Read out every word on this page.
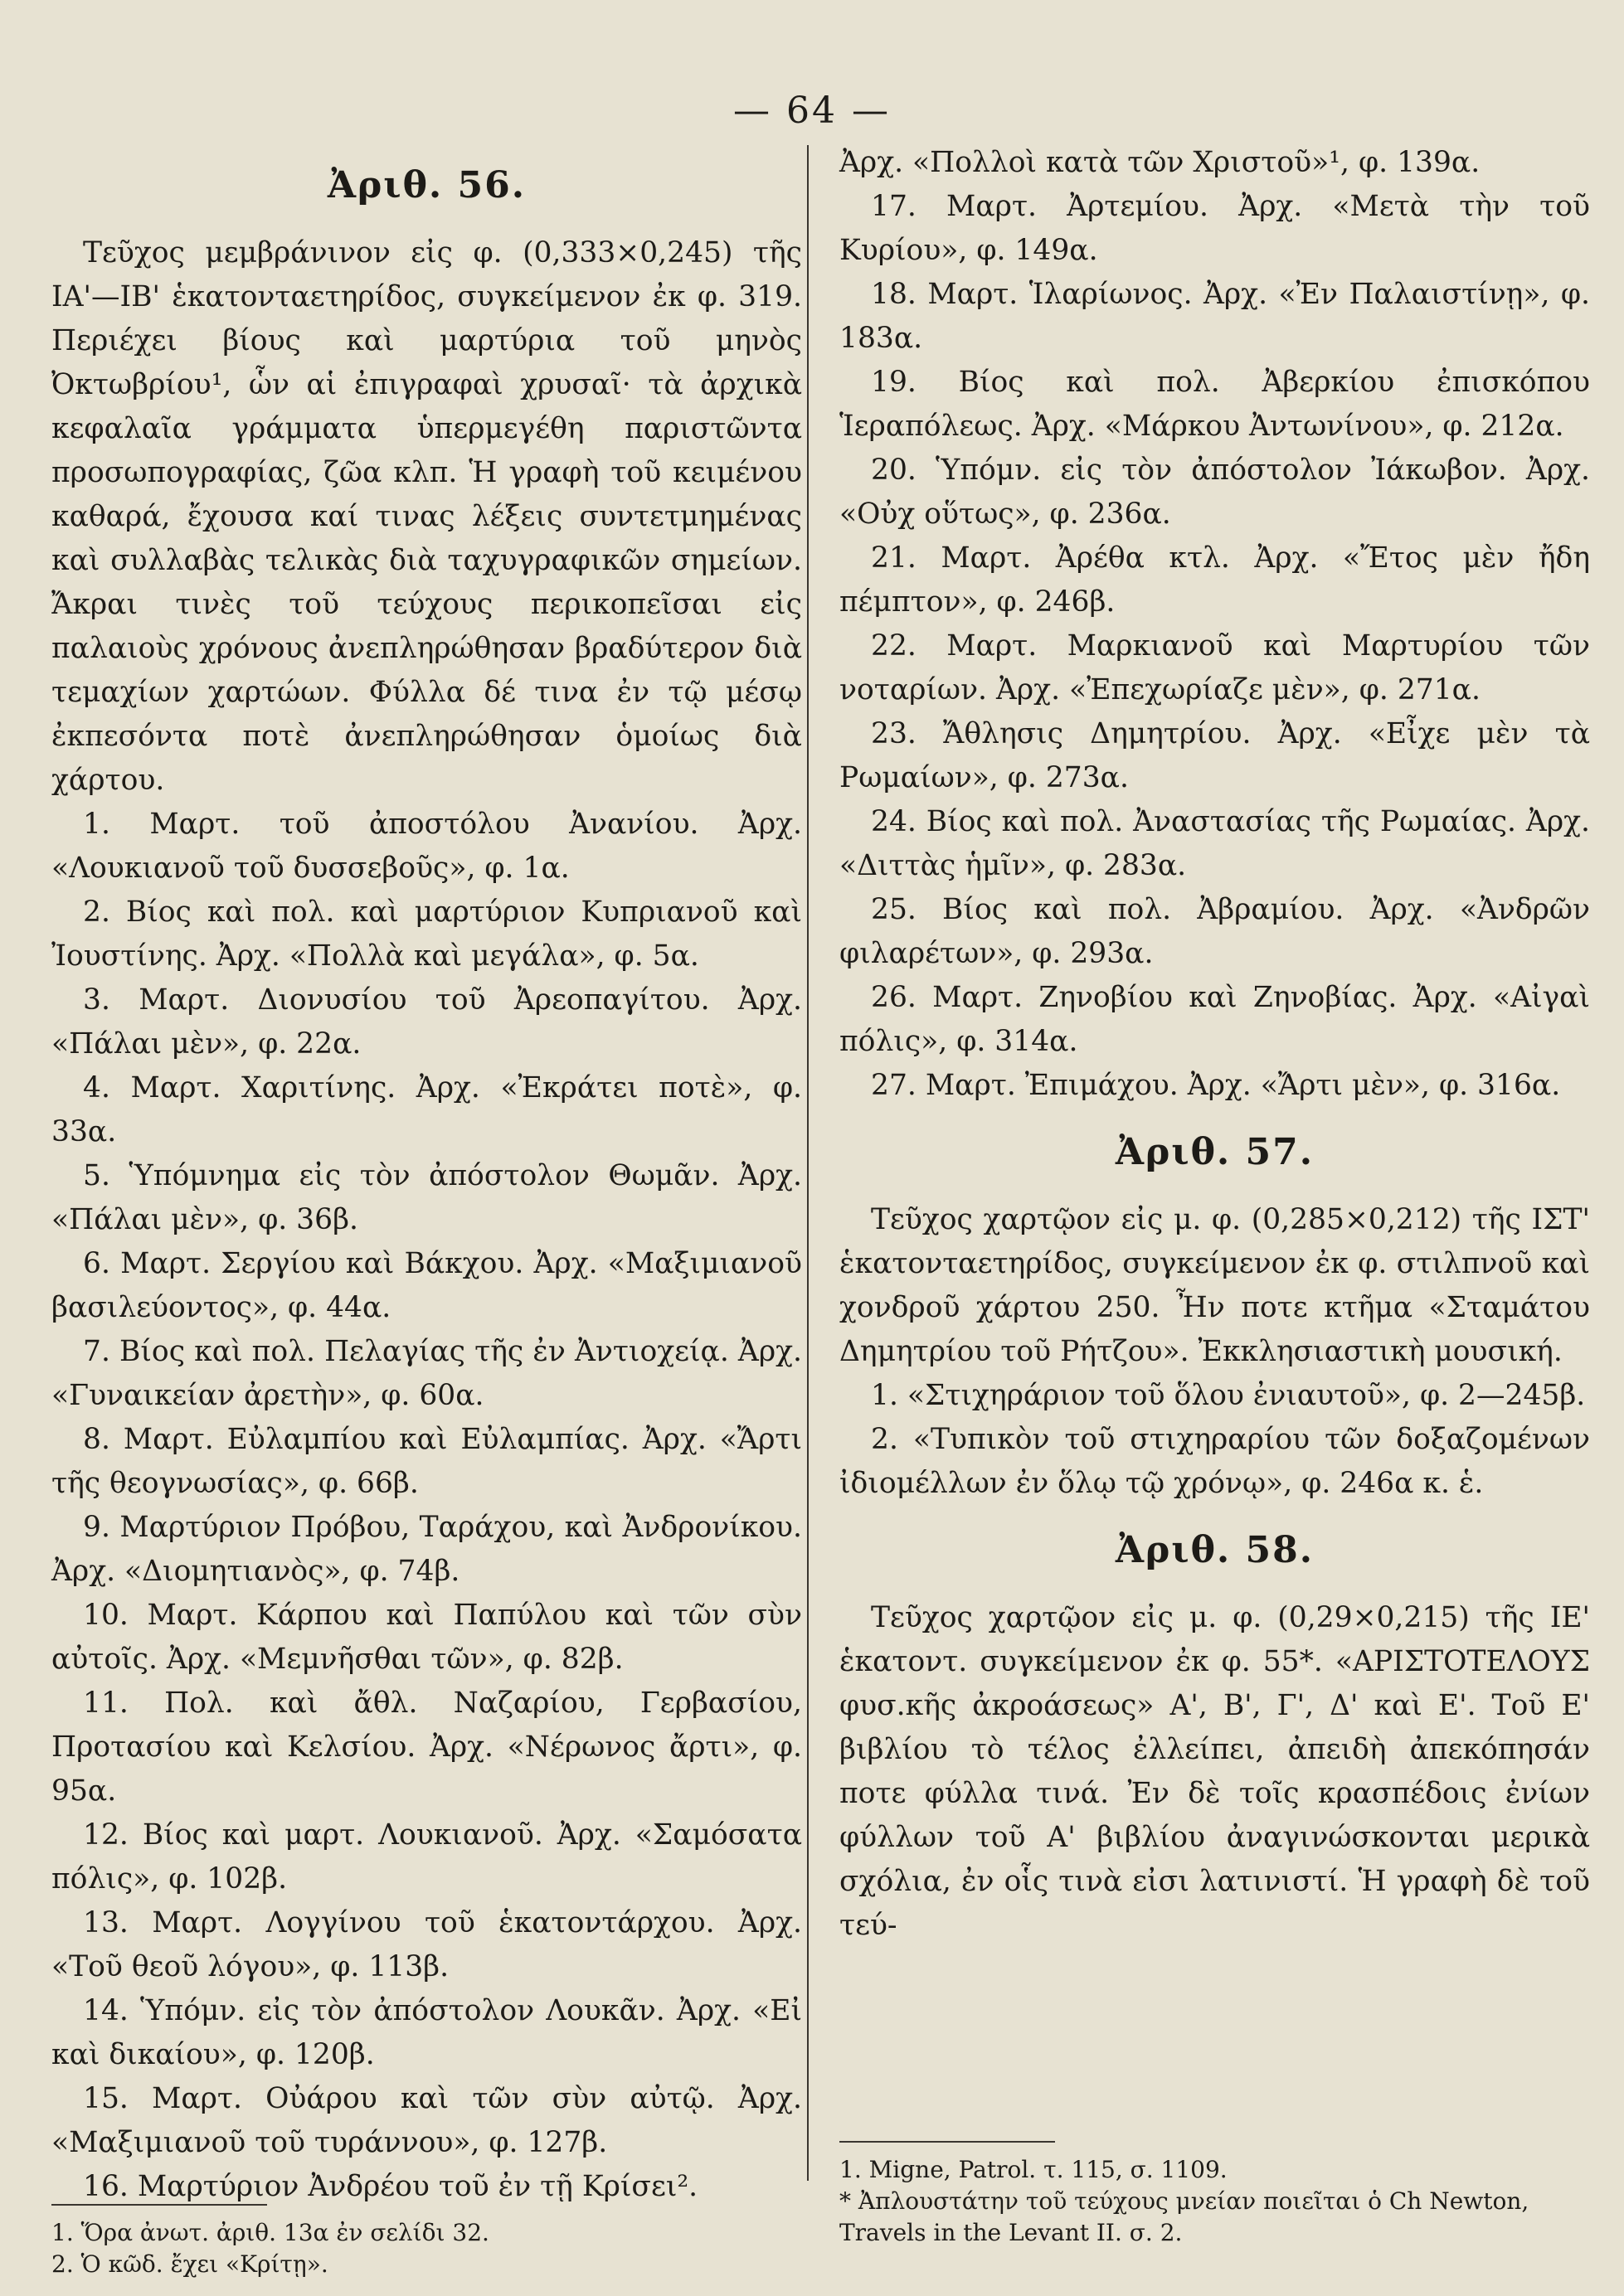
— 64 —
Ἀριθ. 56.

Τεῦχος μεμβράνινον εἰς φ. (0,333×0,245) τῆς ΙΑ'—ΙΒ' ἑκατονταετηρίδος, συγκείμενον ἐκ φ. 319. Περιέχει βίους καὶ μαρτύρια τοῦ μηνὸς Ὀκτωβρίου¹, ὧν αἱ ἐπιγραφαὶ χρυσαῖ· τὰ ἀρχικὰ κεφαλαῖα γράμματα ὑπερμεγέθη παριστῶντα προσωπογραφίας, ζῶα κλπ. Ἡ γραφὴ τοῦ κειμένου καθαρά, ἔχουσα καί τινας λέξεις συντετμημένας καὶ συλλαβὰς τελικὰς διὰ ταχυγραφικῶν σημείων. Ἄκραι τινὲς τοῦ τεύχους περικοπεῖσαι εἰς παλαιοὺς χρόνους ἀνεπληρώθησαν βραδύτερον διὰ τεμαχίων χαρτώων. Φύλλα δέ τινα ἐν τῷ μέσῳ ἐκπεσόντα ποτὲ ἀνεπληρώθησαν ὁμοίως διὰ χάρτου.

1. Μαρτ. τοῦ ἀποστόλου Ἀνανίου. Ἀρχ. «Λουκιανοῦ τοῦ δυσσεβοῦς», φ. 1α.

2. Βίος καὶ πολ. καὶ μαρτύριον Κυπριανοῦ καὶ Ἰουστίνης. Ἀρχ. «Πολλὰ καὶ μεγάλα», φ. 5α.

3. Μαρτ. Διονυσίου τοῦ Ἀρεοπαγίτου. Ἀρχ. «Πάλαι μὲν», φ. 22α.

4. Μαρτ. Χαριτίνης. Ἀρχ. «Ἐκράτει ποτὲ», φ. 33α.

5. Ὑπόμνημα εἰς τὸν ἀπόστολον Θωμᾶν. Ἀρχ. «Πάλαι μὲν», φ. 36β.

6. Μαρτ. Σεργίου καὶ Βάκχου. Ἀρχ. «Μαξιμιανοῦ βασιλεύοντος», φ. 44α.

7. Βίος καὶ πολ. Πελαγίας τῆς ἐν Ἀντιοχείᾳ. Ἀρχ. «Γυναικείαν ἀρετὴν», φ. 60α.

8. Μαρτ. Εὐλαμπίου καὶ Εὐλαμπίας. Ἀρχ. «Ἄρτι τῆς θεογνωσίας», φ. 66β.

9. Μαρτύριον Πρόβου, Ταράχου, καὶ Ἀνδρονίκου. Ἀρχ. «Διομητιανὸς», φ. 74β.

10. Μαρτ. Κάρπου καὶ Παπύλου καὶ τῶν σὺν αὐτοῖς. Ἀρχ. «Μεμνῆσθαι τῶν», φ. 82β.

11. Πολ. καὶ ἄθλ. Ναζαρίου, Γερβασίου, Προτασίου καὶ Κελσίου. Ἀρχ. «Νέρωνος ἄρτι», φ. 95α.

12. Βίος καὶ μαρτ. Λουκιανοῦ. Ἀρχ. «Σαμόσατα πόλις», φ. 102β.

13. Μαρτ. Λογγίνου τοῦ ἑκατοντάρχου. Ἀρχ. «Τοῦ θεοῦ λόγου», φ. 113β.

14. Ὑπόμν. εἰς τὸν ἀπόστολον Λουκᾶν. Ἀρχ. «Εἰ καὶ δικαίου», φ. 120β.

15. Μαρτ. Οὐάρου καὶ τῶν σὺν αὐτῷ. Ἀρχ. «Μαξιμιανοῦ τοῦ τυράννου», φ. 127β.

16. Μαρτύριον Ἀνδρέου τοῦ ἐν τῇ Κρίσει².

1. Ὅρα ἀνωτ. ἀριθ. 13α ἐν σελίδι 32.

2. Ὁ κῶδ. ἔχει «Κρίτῃ».

Ἀρχ. «Πολλοὶ κατὰ τῶν Χριστοῦ»¹, φ. 139α.

17. Μαρτ. Ἀρτεμίου. Ἀρχ. «Μετὰ τὴν τοῦ Κυρίου», φ. 149α.

18. Μαρτ. Ἱλαρίωνος. Ἀρχ. «Ἐν Παλαιστίνῃ», φ. 183α.

19. Βίος καὶ πολ. Ἀβερκίου ἐπισκόπου Ἱεραπόλεως. Ἀρχ. «Μάρκου Ἀντωνίνου», φ. 212α.

20. Ὑπόμν. εἰς τὸν ἀπόστολον Ἰάκωβον. Ἀρχ. «Οὐχ οὕτως», φ. 236α.

21. Μαρτ. Ἀρέθα κτλ. Ἀρχ. «Ἔτος μὲν ἤδη πέμπτον», φ. 246β.

22. Μαρτ. Μαρκιανοῦ καὶ Μαρτυρίου τῶν νοταρίων. Ἀρχ. «Ἐπεχωρίαζε μὲν», φ. 271α.

23. Ἄθλησις Δημητρίου. Ἀρχ. «Εἶχε μὲν τὰ Ρωμαίων», φ. 273α.

24. Βίος καὶ πολ. Ἀναστασίας τῆς Ρωμαίας. Ἀρχ. «Διττὰς ἡμῖν», φ. 283α.

25. Βίος καὶ πολ. Ἀβραμίου. Ἀρχ. «Ἀνδρῶν φιλαρέτων», φ. 293α.

26. Μαρτ. Ζηνοβίου καὶ Ζηνοβίας. Ἀρχ. «Αἰγαὶ πόλις», φ. 314α.

27. Μαρτ. Ἐπιμάχου. Ἀρχ. «Ἄρτι μὲν», φ. 316α.

Ἀριθ. 57.

Τεῦχος χαρτῷον εἰς μ. φ. (0,285×0,212) τῆς ΙΣΤ' ἑκατονταετηρίδος, συγκείμενον ἐκ φ. στιλπνοῦ καὶ χονδροῦ χάρτου 250. Ἦν ποτε κτῆμα «Σταμάτου Δημητρίου τοῦ Ρήτζου». Ἐκκλησιαστικὴ μουσική.

1. «Στιχηράριον τοῦ ὅλου ἐνιαυτοῦ», φ. 2—245β.

2. «Τυπικὸν τοῦ στιχηραρίου τῶν δοξαζομένων ἰδιομέλλων ἐν ὅλῳ τῷ χρόνῳ», φ. 246α κ. ἑ.

Ἀριθ. 58.

Τεῦχος χαρτῷον εἰς μ. φ. (0,29×0,215) τῆς ΙΕ' ἑκατοντ. συγκείμενον ἐκ φ. 55*. «ΑΡΙΣΤΟΤΕΛΟΥΣ φυσ.κῆς ἀκροάσεως» Α', Β', Γ', Δ' καὶ Ε'. Τοῦ Ε' βιβλίου τὸ τέλος ἐλλείπει, ἀπειδὴ ἀπεκόπησάν ποτε φύλλα τινά. Ἐν δὲ τοῖς κρασπέδοις ἐνίων φύλλων τοῦ Α' βιβλίου ἀναγινώσκονται μερικὰ σχόλια, ἐν οἷς τινὰ εἰσι λατινιστί. Ἡ γραφὴ δὲ τοῦ τεύ-

1. Migne, Patrol. τ. 115, σ. 1109.

* Ἀπλουστάτην τοῦ τεύχους μνείαν ποιεῖται ὁ Ch Newton, Travels in the Levant II. σ. 2.
